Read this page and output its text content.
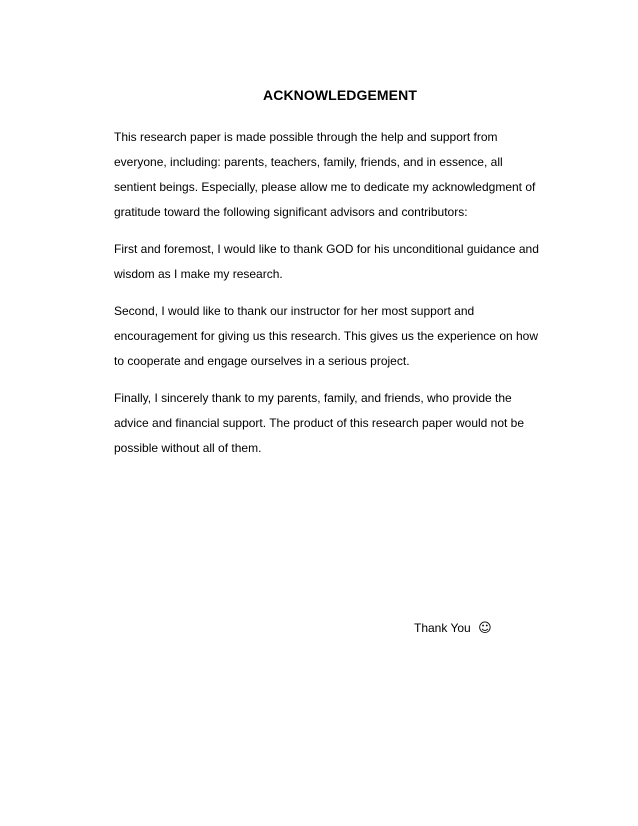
ACKNOWLEDGEMENT

This research paper is made possible through the help and support from

everyone, including: parents, teachers, family, friends, and in essence, all

sentient beings. Especially, please allow me to dedicate my acknowledgment of

gratitude toward the following significant advisors and contributors:

First and foremost, I would like to thank GOD for his unconditional guidance and

wisdom as I make my research.

Second, I would like to thank our instructor for her most support and

encouragement for giving us this research. This gives us the experience on how

to cooperate and engage ourselves in a serious project.

Finally, I sincerely thank to my parents, family, and friends, who provide the

advice and financial support. The product of this research paper would not be

possible without all of them.

Thank You ☺
